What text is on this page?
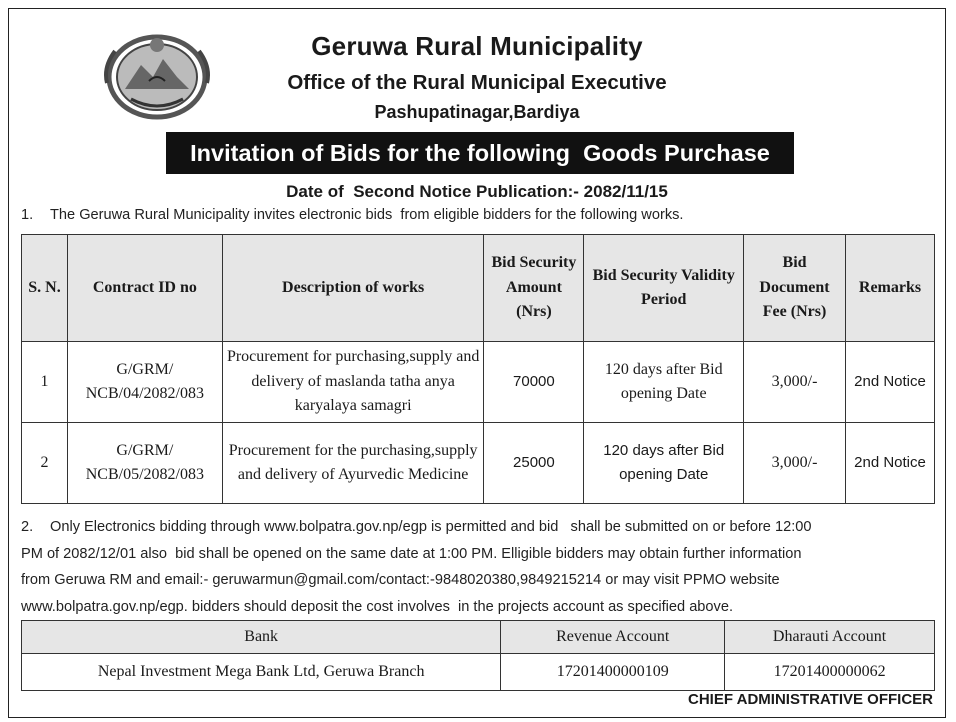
Geruwa Rural Municipality
Office of the Rural Municipal Executive
Pashupatinagar,Bardiya
Invitation of Bids for the following  Goods Purchase
Date of  Second Notice Publication:- 2082/11/15
1. The Geruwa Rural Municipality invites electronic bids  from eligible bidders for the following works.
S. N.	Contract ID no	Description of works	Bid Security Amount (Nrs)	Bid Security Validity Period	Bid Document Fee (Nrs)	Remarks
1	G/GRM/ NCB/04/2082/083	Procurement for purchasing,supply and delivery of maslanda tatha anya karyalaya samagri	70000	120 days after Bid opening Date	3,000/-	2nd Notice
2	G/GRM/ NCB/05/2082/083	Procurement for the purchasing,supply and delivery of Ayurvedic Medicine	25000	120 days after Bid opening Date	3,000/-	2nd Notice
2.	Only Electronics bidding through www.bolpatra.gov.np/egp is permitted and bid   shall be submitted on or before 12:00
PM of 2082/12/01 also  bid shall be opened on the same date at 1:00 PM. Elligible bidders may obtain further information
from Geruwa RM and email:- geruwarmun@gmail.com/contact:-9848020380,9849215214 or may visit PPMO website
www.bolpatra.gov.np/egp. bidders should deposit the cost involves  in the projects account as specified above.
Bank	Revenue Account	Dharauti Account
Nepal Investment Mega Bank Ltd, Geruwa Branch	17201400000109	17201400000062
CHIEF ADMINISTRATIVE OFFICER
